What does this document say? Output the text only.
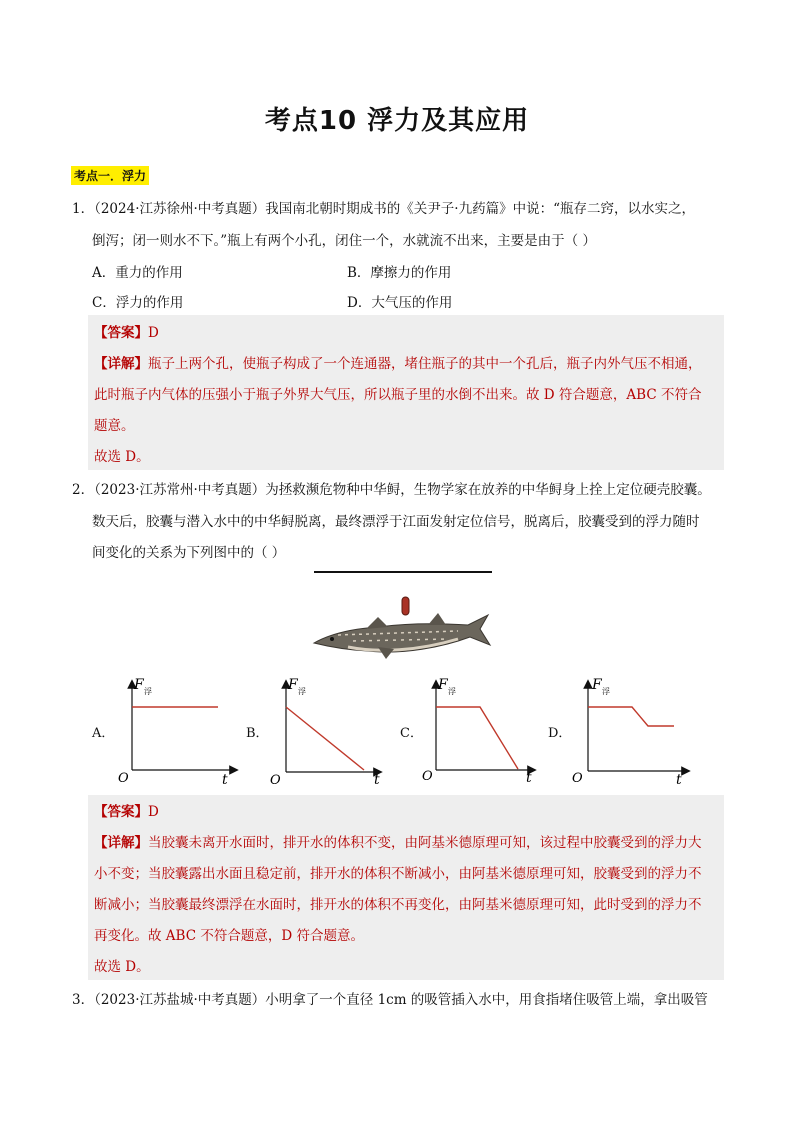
考点10 浮力及其应用
考点一．浮力
1．（2024·江苏徐州·中考真题）我国南北朝时期成书的《关尹子·九药篇》中说：“瓶存二窍，以水实之，
倒泻；闭一则水不下。”瓶上有两个小孔，闭住一个，水就流不出来，主要是由于（ ）
A．重力的作用	B．摩擦力的作用
C．浮力的作用	D．大气压的作用
【答案】D
【详解】瓶子上两个孔，使瓶子构成了一个连通器，堵住瓶子的其中一个孔后，瓶子内外气压不相通，
此时瓶子内气体的压强小于瓶子外界大气压，所以瓶子里的水倒不出来。故 D 符合题意，ABC 不符合
题意。
故选 D。
2．（2023·江苏常州·中考真题）为拯救濒危物种中华鲟，生物学家在放养的中华鲟身上拴上定位硬壳胶囊。
数天后，胶囊与潜入水中的中华鲟脱离，最终漂浮于江面发射定位信号，脱离后，胶囊受到的浮力随时
间变化的关系为下列图中的（ ）
A．	B．	C．	D．
F 浮
O	t
F 浮
O	t
F 浮
O	t
F 浮
O	t
【答案】D
【详解】当胶囊未离开水面时，排开水的体积不变，由阿基米德原理可知，该过程中胶囊受到的浮力大
小不变；当胶囊露出水面且稳定前，排开水的体积不断减小，由阿基米德原理可知，胶囊受到的浮力不
断减小；当胶囊最终漂浮在水面时，排开水的体积不再变化，由阿基米德原理可知，此时受到的浮力不
再变化。故 ABC 不符合题意，D 符合题意。
故选 D。
3．（2023·江苏盐城·中考真题）小明拿了一个直径 1cm 的吸管插入水中，用食指堵住吸管上端，拿出吸管
